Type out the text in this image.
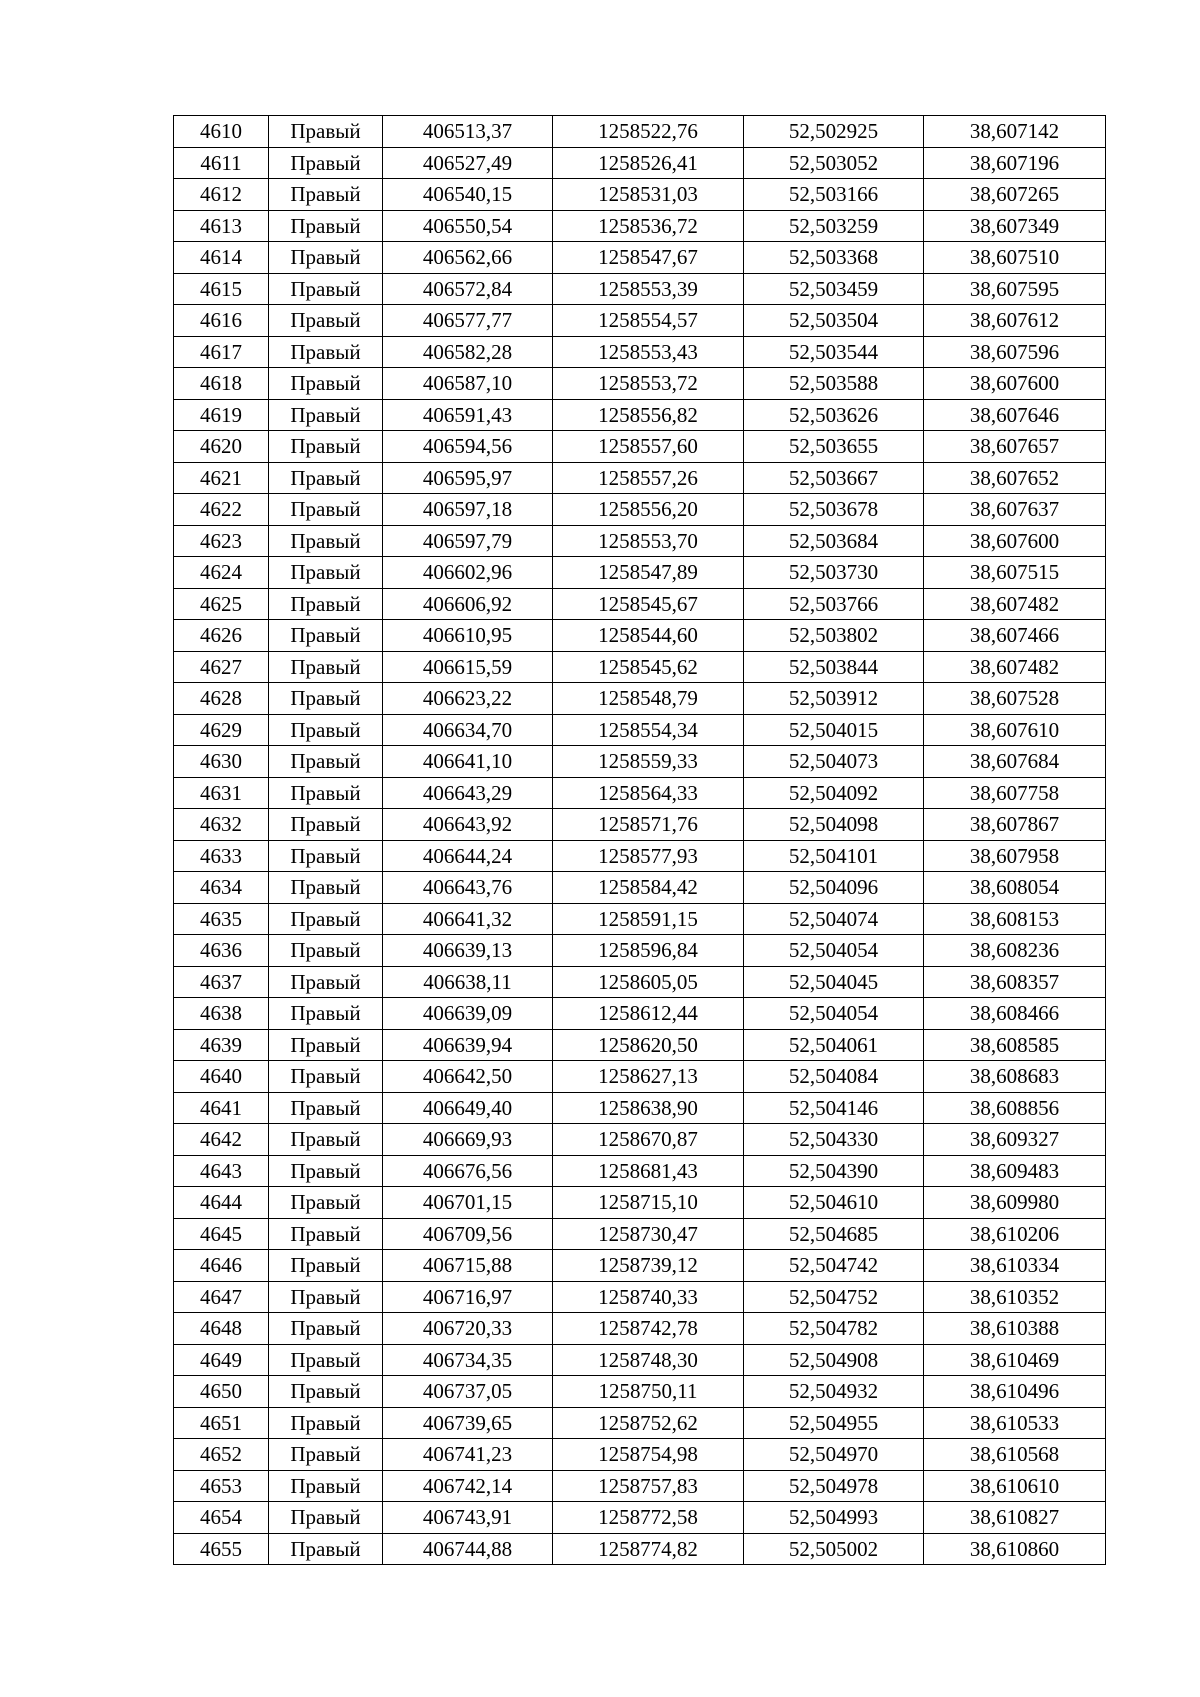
4610	Правый	406513,37	1258522,76	52,502925	38,607142
4611	Правый	406527,49	1258526,41	52,503052	38,607196
4612	Правый	406540,15	1258531,03	52,503166	38,607265
4613	Правый	406550,54	1258536,72	52,503259	38,607349
4614	Правый	406562,66	1258547,67	52,503368	38,607510
4615	Правый	406572,84	1258553,39	52,503459	38,607595
4616	Правый	406577,77	1258554,57	52,503504	38,607612
4617	Правый	406582,28	1258553,43	52,503544	38,607596
4618	Правый	406587,10	1258553,72	52,503588	38,607600
4619	Правый	406591,43	1258556,82	52,503626	38,607646
4620	Правый	406594,56	1258557,60	52,503655	38,607657
4621	Правый	406595,97	1258557,26	52,503667	38,607652
4622	Правый	406597,18	1258556,20	52,503678	38,607637
4623	Правый	406597,79	1258553,70	52,503684	38,607600
4624	Правый	406602,96	1258547,89	52,503730	38,607515
4625	Правый	406606,92	1258545,67	52,503766	38,607482
4626	Правый	406610,95	1258544,60	52,503802	38,607466
4627	Правый	406615,59	1258545,62	52,503844	38,607482
4628	Правый	406623,22	1258548,79	52,503912	38,607528
4629	Правый	406634,70	1258554,34	52,504015	38,607610
4630	Правый	406641,10	1258559,33	52,504073	38,607684
4631	Правый	406643,29	1258564,33	52,504092	38,607758
4632	Правый	406643,92	1258571,76	52,504098	38,607867
4633	Правый	406644,24	1258577,93	52,504101	38,607958
4634	Правый	406643,76	1258584,42	52,504096	38,608054
4635	Правый	406641,32	1258591,15	52,504074	38,608153
4636	Правый	406639,13	1258596,84	52,504054	38,608236
4637	Правый	406638,11	1258605,05	52,504045	38,608357
4638	Правый	406639,09	1258612,44	52,504054	38,608466
4639	Правый	406639,94	1258620,50	52,504061	38,608585
4640	Правый	406642,50	1258627,13	52,504084	38,608683
4641	Правый	406649,40	1258638,90	52,504146	38,608856
4642	Правый	406669,93	1258670,87	52,504330	38,609327
4643	Правый	406676,56	1258681,43	52,504390	38,609483
4644	Правый	406701,15	1258715,10	52,504610	38,609980
4645	Правый	406709,56	1258730,47	52,504685	38,610206
4646	Правый	406715,88	1258739,12	52,504742	38,610334
4647	Правый	406716,97	1258740,33	52,504752	38,610352
4648	Правый	406720,33	1258742,78	52,504782	38,610388
4649	Правый	406734,35	1258748,30	52,504908	38,610469
4650	Правый	406737,05	1258750,11	52,504932	38,610496
4651	Правый	406739,65	1258752,62	52,504955	38,610533
4652	Правый	406741,23	1258754,98	52,504970	38,610568
4653	Правый	406742,14	1258757,83	52,504978	38,610610
4654	Правый	406743,91	1258772,58	52,504993	38,610827
4655	Правый	406744,88	1258774,82	52,505002	38,610860
